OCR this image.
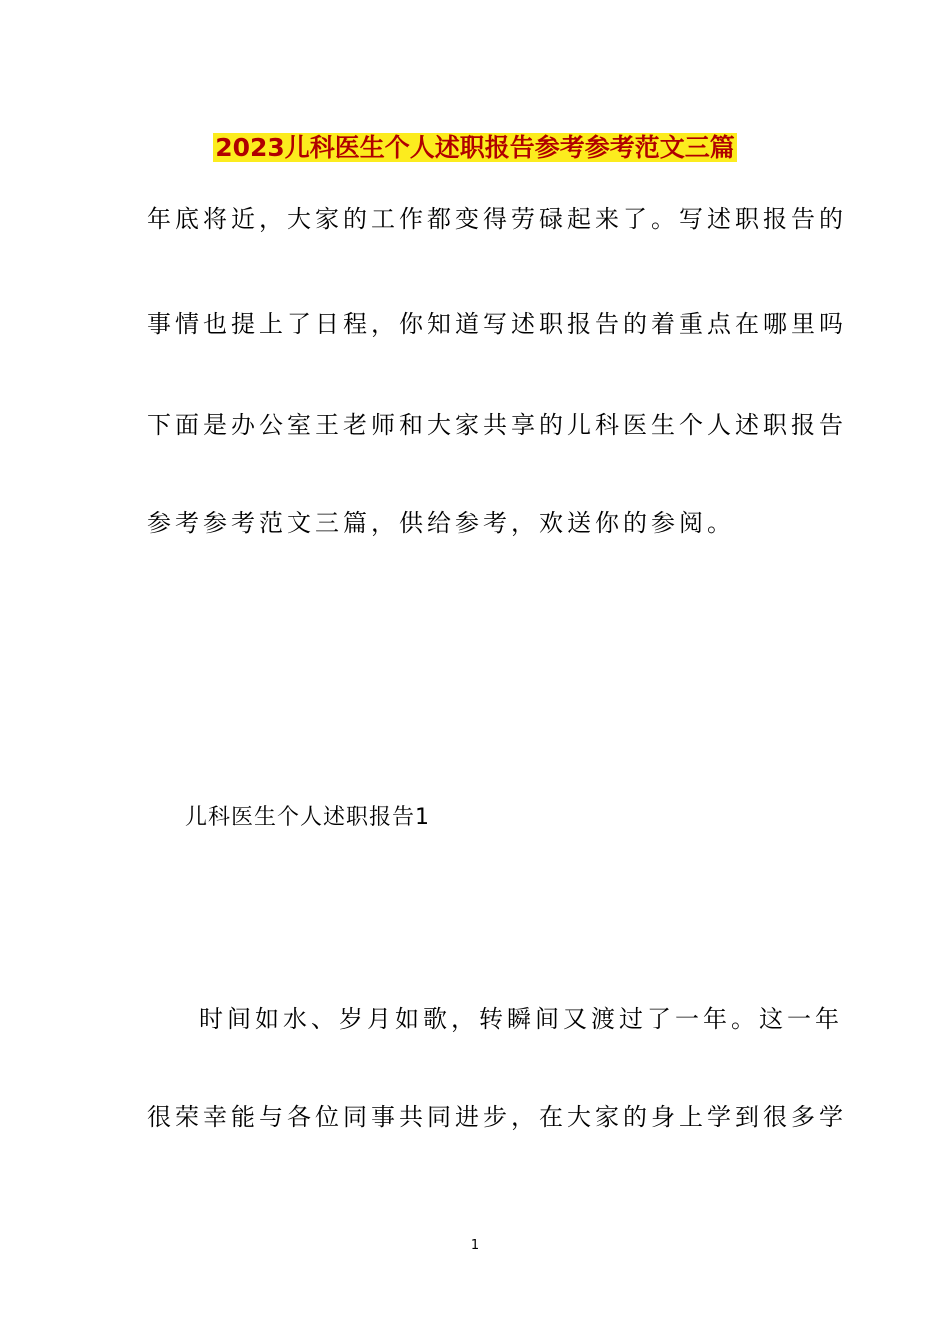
2023儿科医生个人述职报告参考参考范文三篇
年底将近，大家的工作都变得劳碌起来了。写述职报告的
事情也提上了日程，你知道写述职报告的着重点在哪里吗
下面是办公室王老师和大家共享的儿科医生个人述职报告
参考参考范文三篇，供给参考，欢送你的参阅。
儿科医生个人述职报告1
时间如水、岁月如歌，转瞬间又渡过了一年。这一年
很荣幸能与各位同事共同进步，在大家的身上学到很多学
1
